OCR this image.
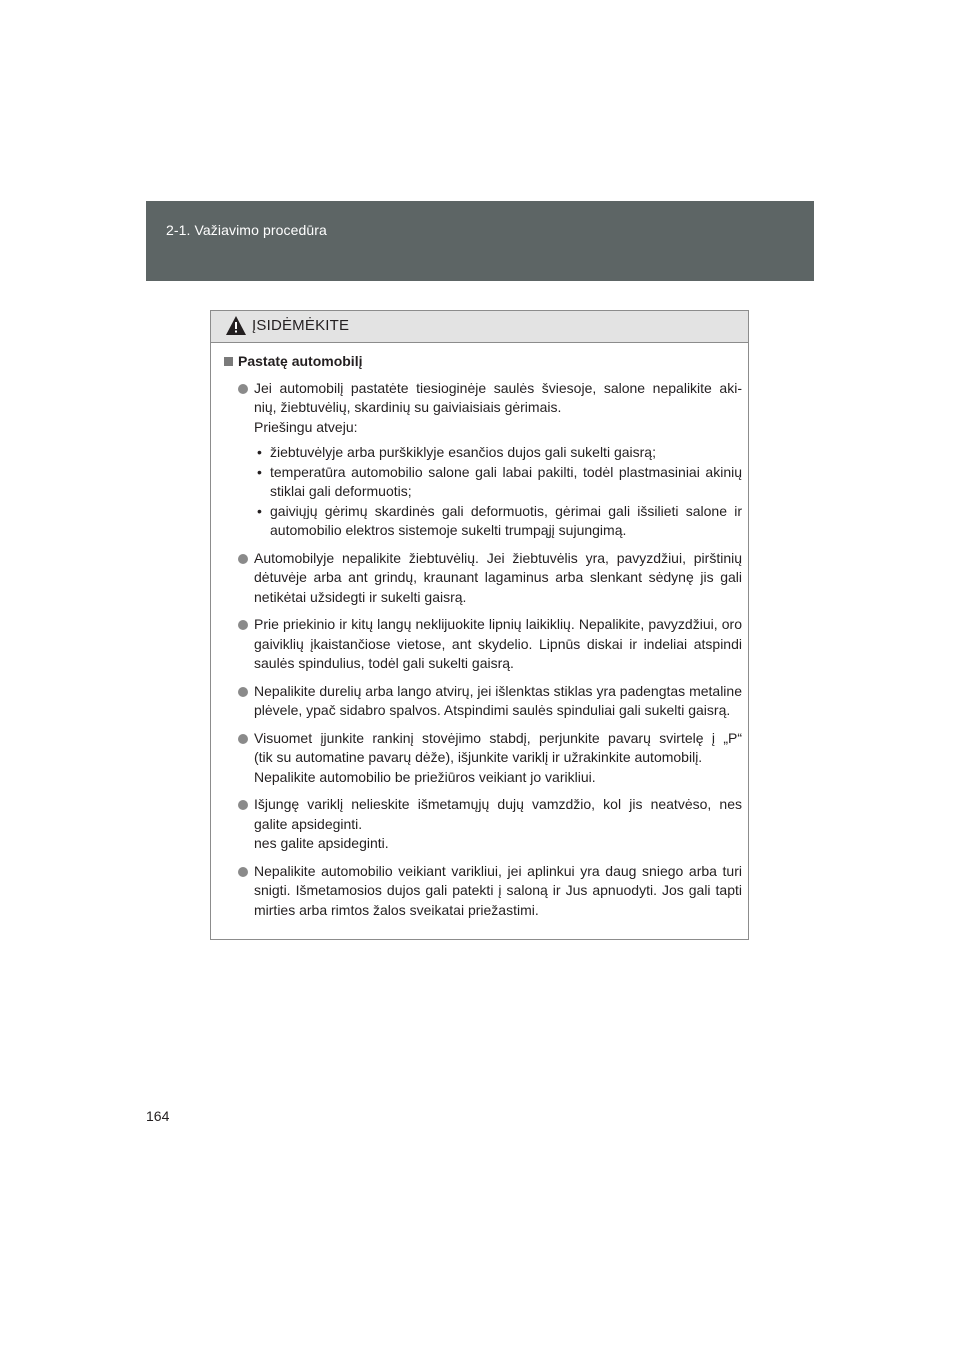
2-1. Važiavimo procedūra
ĮSIDĖMĖKITE
Pastatę automobilį
Jei automobilį pastatėte tiesioginėje saulės šviesoje, salone nepalikite aki-
nių, žiebtuvėlių, skardinių su gaiviaisiais gėrimais.
Priešingu atveju:
• žiebtuvėlyje arba purškiklyje esančios dujos gali sukelti gaisrą;
• temperatūra automobilio salone gali labai pakilti, todėl plastmasiniai akinių stiklai gali deformuotis;
• gaiviųjų gėrimų skardinės gali deformuotis, gėrimai gali išsilieti salone ir automobilio elektros sistemoje sukelti trumpąjį sujungimą.
Automobilyje nepalikite žiebtuvėlių. Jei žiebtuvėlis yra, pavyzdžiui, pirštinių dėtuvėje arba ant grindų, kraunant lagaminus arba slenkant sėdynę jis gali netikėtai užsidegti ir sukelti gaisrą.
Prie priekinio ir kitų langų neklijuokite lipnių laikiklių. Nepalikite, pavyzdžiui, oro gaiviklių įkaistančiose vietose, ant skydelio. Lipnūs diskai ir indeliai atspindi saulės spindulius, todėl gali sukelti gaisrą.
Nepalikite durelių arba lango atvirų, jei išlenktas stiklas yra padengtas metaline plėvele, ypač sidabro spalvos. Atspindimi saulės spinduliai gali sukelti gaisrą.
Visuomet įjunkite rankinį stovėjimo stabdį, perjunkite pavarų svirtelę į „P“
(tik su automatine pavarų dėže), išjunkite variklį ir užrakinkite automobilį.
Nepalikite automobilio be priežiūros veikiant jo varikliui.
Išjungę variklį nelieskite išmetamųjų dujų vamzdžio, kol jis neatvėso, nes
galite apsideginti.
nes galite apsideginti.
Nepalikite automobilio veikiant varikliui, jei aplinkui yra daug sniego arba turi snigti. Išmetamosios dujos gali patekti į saloną ir Jus apnuodyti. Jos gali tapti mirties arba rimtos žalos sveikatai priežastimi.
164
